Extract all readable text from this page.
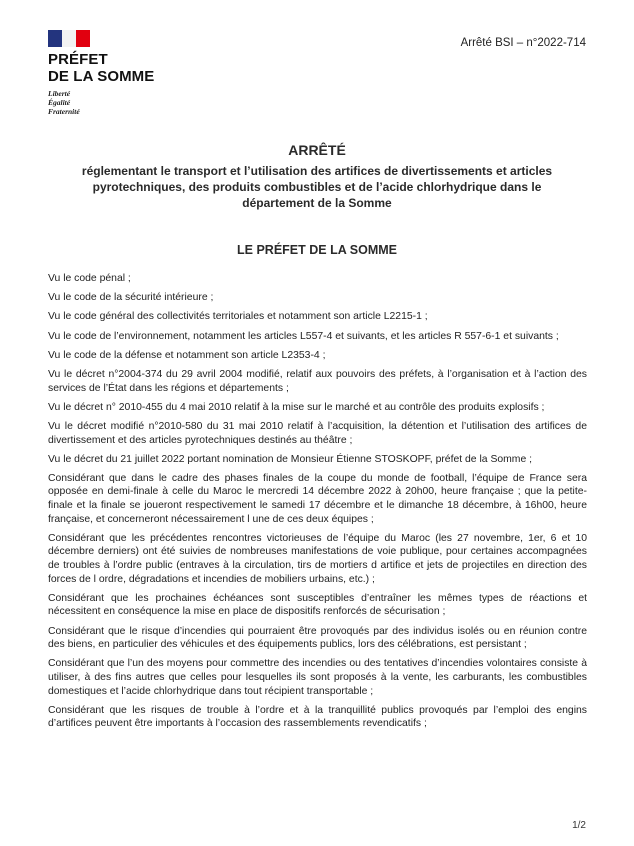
PRÉFET
DE LA SOMME
Liberté
Égalité
Fraternité
Arrêté BSI – n°2022-714
ARRÊTÉ
réglementant le transport et l’utilisation des artifices de divertissements et articles pyrotechniques, des produits combustibles et de l’acide chlorhydrique dans le département de la Somme
LE PRÉFET DE LA SOMME

Vu le code pénal ;

Vu le code de la sécurité intérieure ;

Vu le code général des collectivités territoriales et notamment son article L2215-1 ;

Vu le code de l’environnement, notamment les articles L557-4 et suivants, et les articles R 557-6-1 et suivants ;

Vu le code de la défense et notamment son article L2353-4 ;

Vu le décret n°2004-374 du 29 avril 2004 modifié, relatif aux pouvoirs des préfets, à l’organisation et à l’action des services de l’État dans les régions et départements ;

Vu le décret n° 2010-455 du 4 mai 2010 relatif à la mise sur le marché et au contrôle des produits explosifs ;

Vu le décret modifié n°2010-580 du 31 mai 2010 relatif à l’acquisition, la détention et l’utilisation des artifices de divertissement et des articles pyrotechniques destinés au théâtre ;

Vu le décret du 21 juillet 2022 portant nomination de Monsieur Étienne STOSKOPF, préfet de la Somme ;

Considérant que dans le cadre des phases finales de la coupe du monde de football, l’équipe de France sera opposée en demi-finale à celle du Maroc le mercredi 14 décembre 2022 à 20h00, heure française ; que la petite-finale et la finale se joueront respectivement le samedi 17 décembre et le dimanche 18 décembre, à 16h00, heure française, et concerneront nécessairement l une de ces deux équipes ;

Considérant que les précédentes rencontres victorieuses de l’équipe du Maroc (les 27 novembre, 1er, 6 et 10 décembre derniers) ont été suivies de nombreuses manifestations de voie publique, pour certaines accompagnées de troubles à l’ordre public (entraves à la circulation, tirs de mortiers d artifice et jets de projectiles en direction des forces de l ordre, dégradations et incendies de mobiliers urbains, etc.) ;

Considérant que les prochaines échéances sont susceptibles d’entraîner les mêmes types de réactions et nécessitent en conséquence la mise en place de dispositifs renforcés de sécurisation ;

Considérant que le risque d’incendies qui pourraient être provoqués par des individus isolés ou en réunion contre des biens, en particulier des véhicules et des équipements publics, lors des célébrations, est persistant ;

Considérant que l’un des moyens pour commettre des incendies ou des tentatives d’incendies volontaires consiste à utiliser, à des fins autres que celles pour lesquelles ils sont proposés à la vente, les carburants, les combustibles domestiques et l’acide chlorhydrique dans tout récipient transportable ;

Considérant que les risques de trouble à l’ordre et à la tranquillité publics provoqués par l’emploi des engins d’artifices peuvent être importants à l’occasion des rassemblements revendicatifs ;

1/2
